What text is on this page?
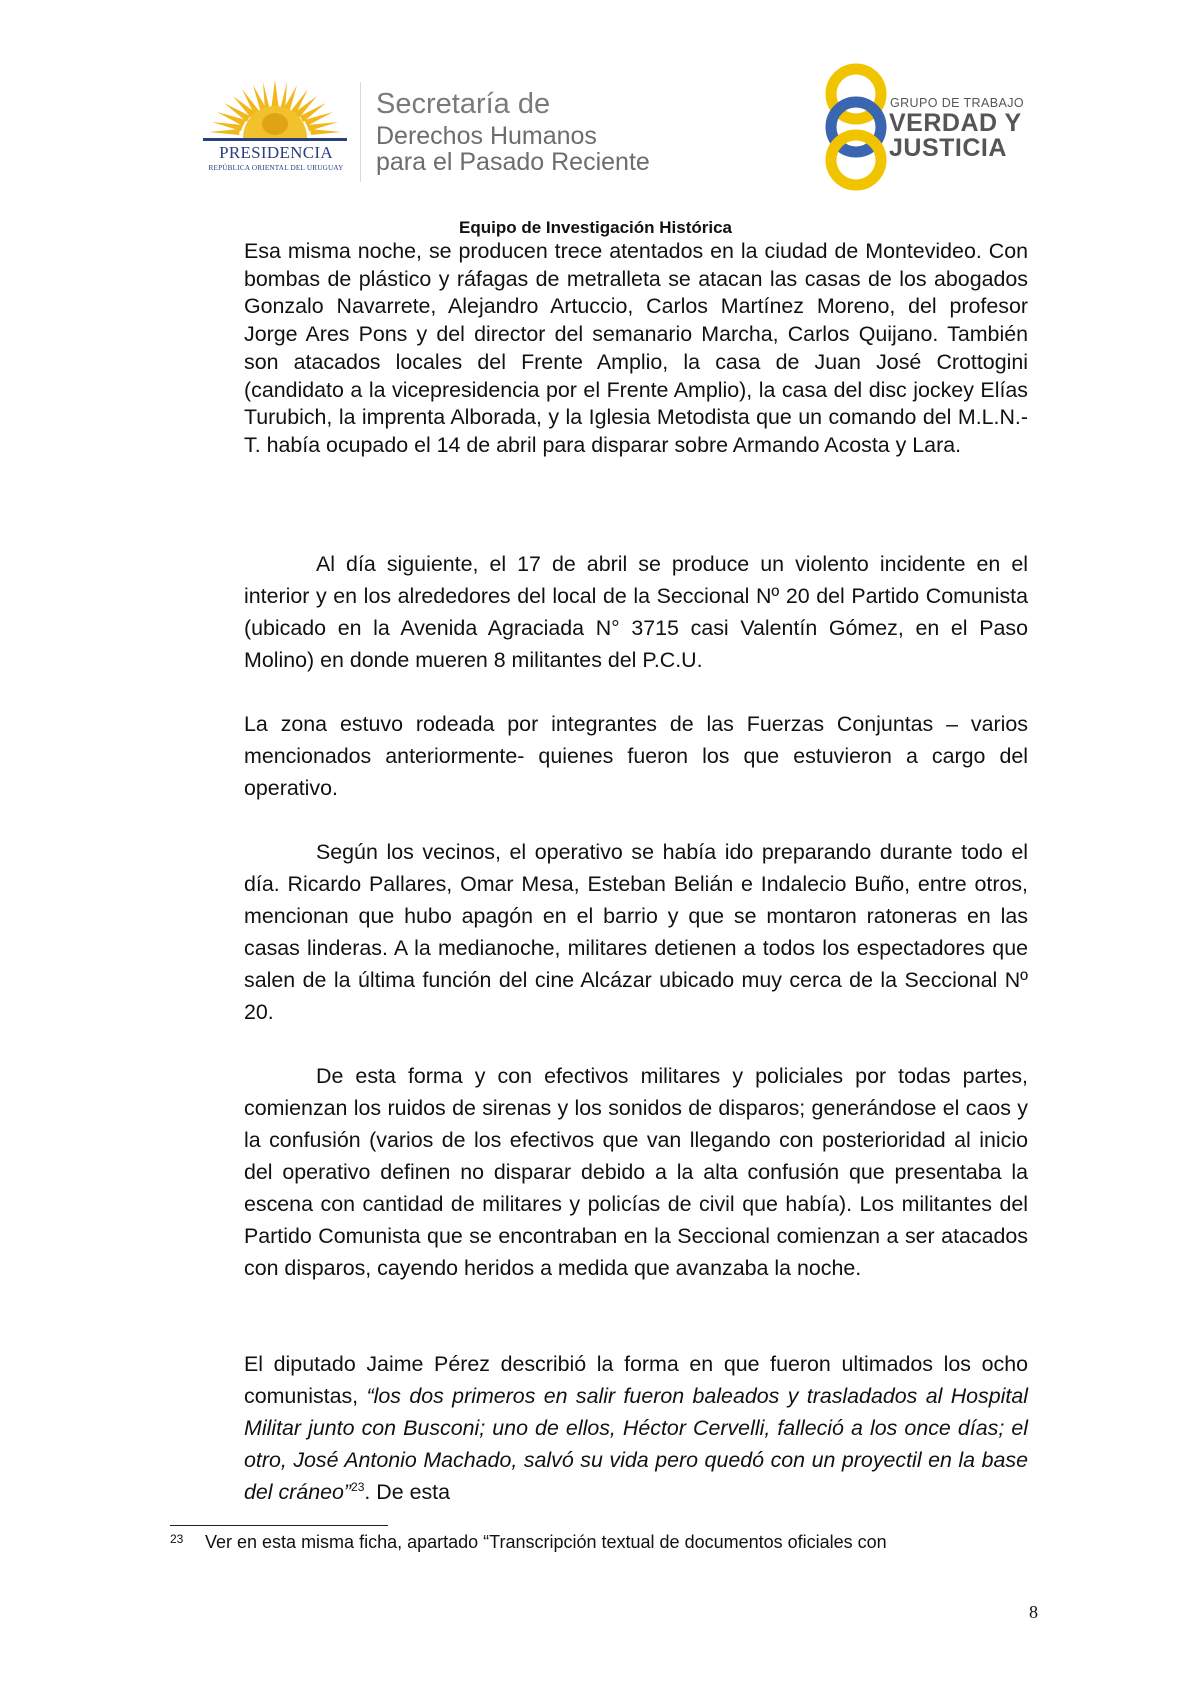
PRESIDENCIA
REPÚBLICA ORIENTAL DEL URUGUAY
Secretaría de
Derechos Humanos
para el Pasado Reciente
GRUPO DE TRABAJO
VERDAD Y
JUSTICIA
Equipo de Investigación Histórica

Esa misma noche, se producen trece atentados en la ciudad de Montevideo. Con bombas de plástico y ráfagas de metralleta se atacan las casas de los abogados Gonzalo Navarrete, Alejandro Artuccio, Carlos Martínez Moreno, del profesor Jorge Ares Pons y del director del semanario Marcha, Carlos Quijano. También son atacados locales del Frente Amplio, la casa de Juan José Crottogini (candidato a la vicepresidencia por el Frente Amplio), la casa del disc jockey Elías Turubich, la imprenta Alborada, y la Iglesia Metodista que un comando del M.L.N.-T. había ocupado el 14 de abril para disparar sobre Armando Acosta y Lara.

Al día siguiente, el 17 de abril se produce un violento incidente en el interior y en los alrededores del local de la Seccional Nº 20 del Partido Comunista (ubicado en la Avenida Agraciada N° 3715 casi Valentín Gómez, en el Paso Molino) en donde mueren 8 militantes del P.C.U.

La zona estuvo rodeada por integrantes de las Fuerzas Conjuntas – varios mencionados anteriormente- quienes fueron los que estuvieron a cargo del operativo.

Según los vecinos, el operativo se había ido preparando durante todo el día. Ricardo Pallares, Omar Mesa, Esteban Belián e Indalecio Buño, entre otros, mencionan que hubo apagón en el barrio y que se montaron ratoneras en las casas linderas. A la medianoche, militares detienen a todos los espectadores que salen de la última función del cine Alcázar ubicado muy cerca de la Seccional Nº 20.

De esta forma y con efectivos militares y policiales por todas partes, comienzan los ruidos de sirenas y los sonidos de disparos; generándose el caos y la confusión (varios de los efectivos que van llegando con posterioridad al inicio del operativo definen no disparar debido a la alta confusión que presentaba la escena con cantidad de militares y policías de civil que había). Los militantes del Partido Comunista que se encontraban en la Seccional comienzan a ser atacados con disparos, cayendo heridos a medida que avanzaba la noche.

El diputado Jaime Pérez describió la forma en que fueron ultimados los ocho comunistas, “los dos primeros en salir fueron baleados y trasladados al Hospital Militar junto con Busconi; uno de ellos, Héctor Cervelli, falleció a los once días; el otro, José Antonio Machado, salvó su vida pero quedó con un proyectil en la base del cráneo”$^{23}$. De esta

23 Ver en esta misma ficha, apartado “Transcripción textual de documentos oficiales con
8
